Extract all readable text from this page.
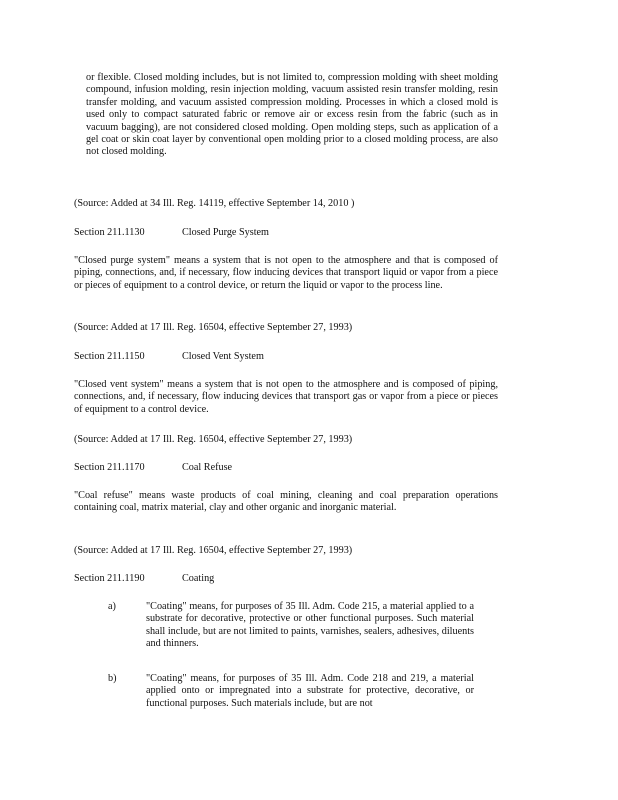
or flexible. Closed molding includes, but is not limited to, compression molding with sheet molding compound, infusion molding, resin injection molding, vacuum assisted resin transfer molding, resin transfer molding, and vacuum assisted compression molding. Processes in which a closed mold is used only to compact saturated fabric or remove air or excess resin from the fabric (such as in vacuum bagging), are not considered closed molding. Open molding steps, such as application of a gel coat or skin coat layer by conventional open molding prior to a closed molding process, are also not closed molding.
(Source: Added at 34 Ill. Reg. 14119, effective September 14, 2010 )
Section 211.1130	Closed Purge System
"Closed purge system" means a system that is not open to the atmosphere and that is composed of piping, connections, and, if necessary, flow inducing devices that transport liquid or vapor from a piece or pieces of equipment to a control device, or return the liquid or vapor to the process line.
(Source: Added at 17 Ill. Reg. 16504, effective September 27, 1993)
Section 211.1150	Closed Vent System
"Closed vent system" means a system that is not open to the atmosphere and is composed of piping, connections, and, if necessary, flow inducing devices that transport gas or vapor from a piece or pieces of equipment to a control device.
(Source: Added at 17 Ill. Reg. 16504, effective September 27, 1993)
Section 211.1170	Coal Refuse
"Coal refuse" means waste products of coal mining, cleaning and coal preparation operations containing coal, matrix material, clay and other organic and inorganic material.
(Source: Added at 17 Ill. Reg. 16504, effective September 27, 1993)
Section 211.1190	Coating
a)	"Coating" means, for purposes of 35 Ill. Adm. Code 215, a material applied to a substrate for decorative, protective or other functional purposes. Such material shall include, but are not limited to paints, varnishes, sealers, adhesives, diluents and thinners.
b)	"Coating" means, for purposes of 35 Ill. Adm. Code 218 and 219, a material applied onto or impregnated into a substrate for protective, decorative, or functional purposes. Such materials include, but are not
